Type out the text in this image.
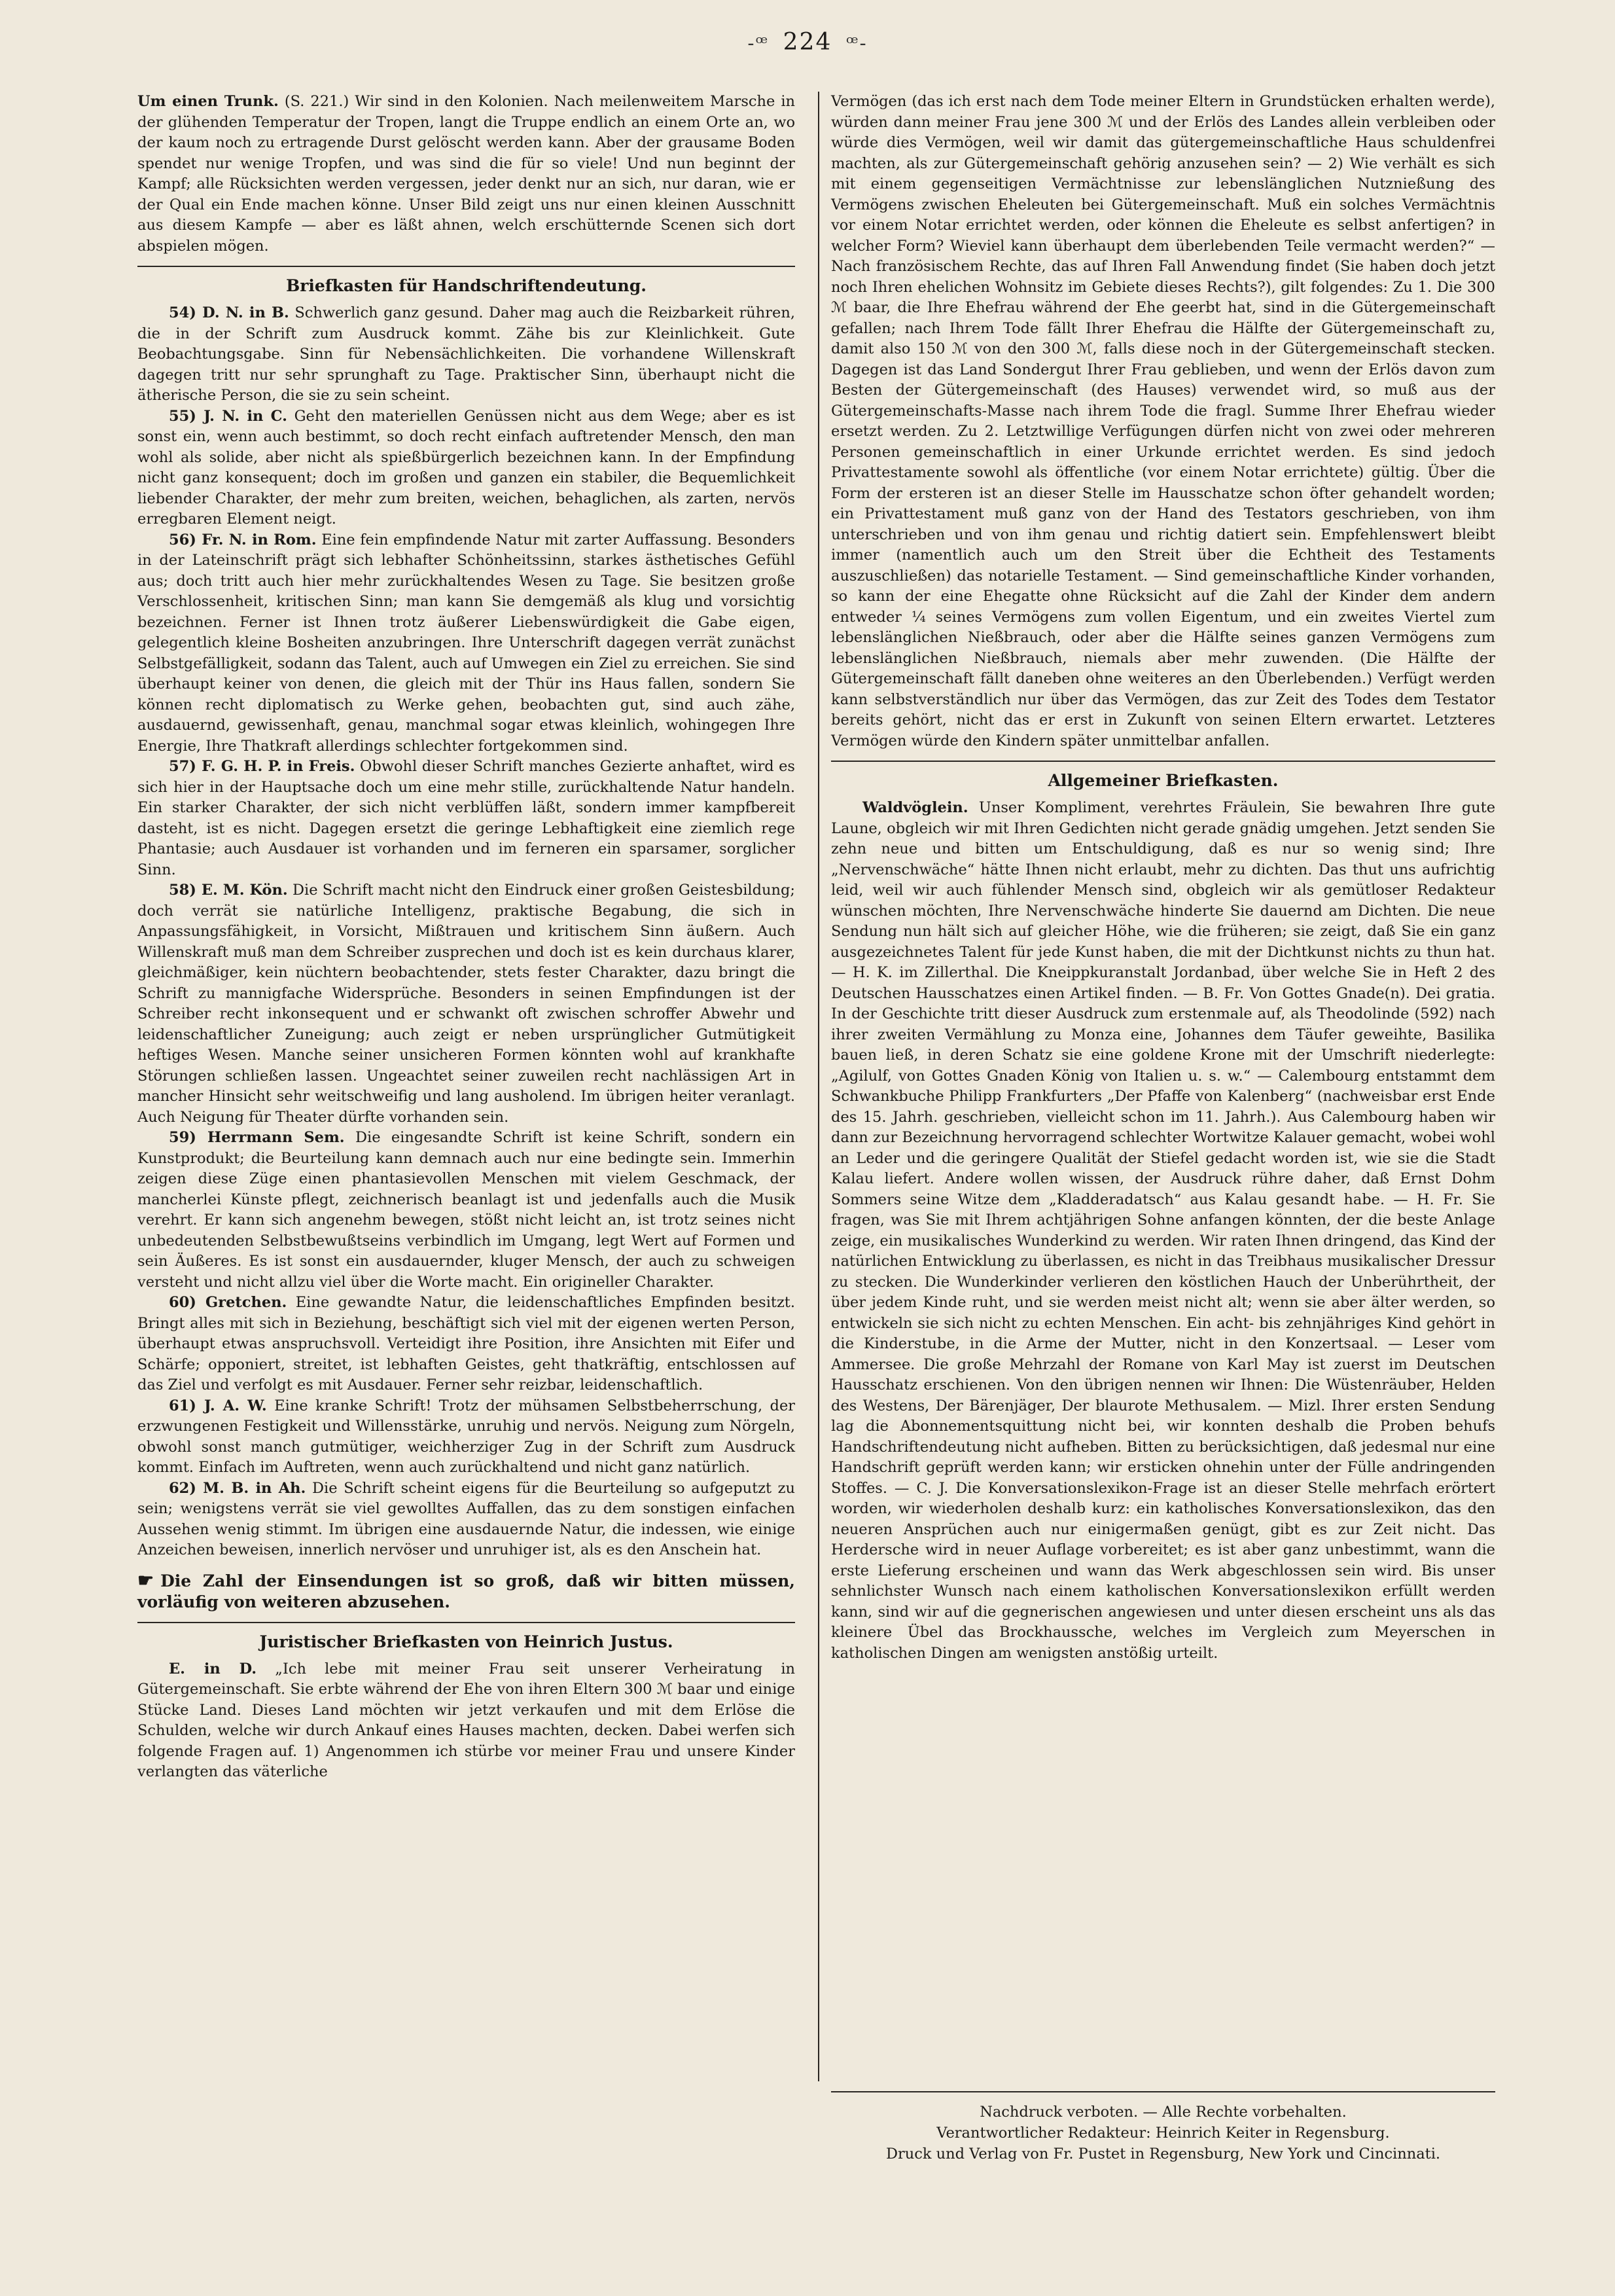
-ꟹ 224 ꟹ-

Um einen Trunk. (S. 221.) Wir sind in den Kolonien. Nach meilenweitem Marsche in der glühenden Temperatur der Tropen, langt die Truppe endlich an einem Orte an, wo der kaum noch zu ertragende Durst gelöscht werden kann. Aber der grausame Boden spendet nur wenige Tropfen, und was sind die für so viele! Und nun beginnt der Kampf; alle Rücksichten werden vergessen, jeder denkt nur an sich, nur daran, wie er der Qual ein Ende machen könne. Unser Bild zeigt uns nur einen kleinen Ausschnitt aus diesem Kampfe — aber es läßt ahnen, welch erschütternde Scenen sich dort abspielen mögen.

Briefkasten für Handschriftendeutung.

54) D. N. in B. Schwerlich ganz gesund. Daher mag auch die Reizbarkeit rühren, die in der Schrift zum Ausdruck kommt. Zähe bis zur Kleinlichkeit. Gute Beobachtungsgabe. Sinn für Nebensächlichkeiten. Die vorhandene Willenskraft dagegen tritt nur sehr sprunghaft zu Tage. Praktischer Sinn, überhaupt nicht die ätherische Person, die sie zu sein scheint.

55) J. N. in C. Geht den materiellen Genüssen nicht aus dem Wege; aber es ist sonst ein, wenn auch bestimmt, so doch recht einfach auftretender Mensch, den man wohl als solide, aber nicht als spießbürgerlich bezeichnen kann. In der Empfindung nicht ganz konsequent; doch im großen und ganzen ein stabiler, die Bequemlichkeit liebender Charakter, der mehr zum breiten, weichen, behaglichen, als zarten, nervös erregbaren Element neigt.

56) Fr. N. in Rom. Eine fein empfindende Natur mit zarter Auffassung. Besonders in der Lateinschrift prägt sich lebhafter Schönheitssinn, starkes ästhetisches Gefühl aus; doch tritt auch hier mehr zurückhaltendes Wesen zu Tage. Sie besitzen große Verschlossenheit, kritischen Sinn; man kann Sie demgemäß als klug und vorsichtig bezeichnen. Ferner ist Ihnen trotz äußerer Liebenswürdigkeit die Gabe eigen, gelegentlich kleine Bosheiten anzubringen. Ihre Unterschrift dagegen verrät zunächst Selbstgefälligkeit, sodann das Talent, auch auf Umwegen ein Ziel zu erreichen. Sie sind überhaupt keiner von denen, die gleich mit der Thür ins Haus fallen, sondern Sie können recht diplomatisch zu Werke gehen, beobachten gut, sind auch zähe, ausdauernd, gewissenhaft, genau, manchmal sogar etwas kleinlich, wohingegen Ihre Energie, Ihre Thatkraft allerdings schlechter fortgekommen sind.

57) F. G. H. P. in Freis. Obwohl dieser Schrift manches Gezierte anhaftet, wird es sich hier in der Hauptsache doch um eine mehr stille, zurückhaltende Natur handeln. Ein starker Charakter, der sich nicht verblüffen läßt, sondern immer kampfbereit dasteht, ist es nicht. Dagegen ersetzt die geringe Lebhaftigkeit eine ziemlich rege Phantasie; auch Ausdauer ist vorhanden und im ferneren ein sparsamer, sorglicher Sinn.

58) E. M. Kön. Die Schrift macht nicht den Eindruck einer großen Geistesbildung; doch verrät sie natürliche Intelligenz, praktische Begabung, die sich in Anpassungsfähigkeit, in Vorsicht, Mißtrauen und kritischem Sinn äußern. Auch Willenskraft muß man dem Schreiber zusprechen und doch ist es kein durchaus klarer, gleichmäßiger, kein nüchtern beobachtender, stets fester Charakter, dazu bringt die Schrift zu mannigfache Widersprüche. Besonders in seinen Empfindungen ist der Schreiber recht inkonsequent und er schwankt oft zwischen schroffer Abwehr und leidenschaftlicher Zuneigung; auch zeigt er neben ursprünglicher Gutmütigkeit heftiges Wesen. Manche seiner unsicheren Formen könnten wohl auf krankhafte Störungen schließen lassen. Ungeachtet seiner zuweilen recht nachlässigen Art in mancher Hinsicht sehr weitschweifig und lang ausholend. Im übrigen heiter veranlagt. Auch Neigung für Theater dürfte vorhanden sein.

59) Herrmann Sem. Die eingesandte Schrift ist keine Schrift, sondern ein Kunstprodukt; die Beurteilung kann demnach auch nur eine bedingte sein. Immerhin zeigen diese Züge einen phantasievollen Menschen mit vielem Geschmack, der mancherlei Künste pflegt, zeichnerisch beanlagt ist und jedenfalls auch die Musik verehrt. Er kann sich angenehm bewegen, stößt nicht leicht an, ist trotz seines nicht unbedeutenden Selbstbewußtseins verbindlich im Umgang, legt Wert auf Formen und sein Äußeres. Es ist sonst ein ausdauernder, kluger Mensch, der auch zu schweigen versteht und nicht allzu viel über die Worte macht. Ein origineller Charakter.

60) Gretchen. Eine gewandte Natur, die leidenschaftliches Empfinden besitzt. Bringt alles mit sich in Beziehung, beschäftigt sich viel mit der eigenen werten Person, überhaupt etwas anspruchsvoll. Verteidigt ihre Position, ihre Ansichten mit Eifer und Schärfe; opponiert, streitet, ist lebhaften Geistes, geht thatkräftig, entschlossen auf das Ziel und verfolgt es mit Ausdauer. Ferner sehr reizbar, leidenschaftlich.

61) J. A. W. Eine kranke Schrift! Trotz der mühsamen Selbstbeherrschung, der erzwungenen Festigkeit und Willensstärke, unruhig und nervös. Neigung zum Nörgeln, obwohl sonst manch gutmütiger, weichherziger Zug in der Schrift zum Ausdruck kommt. Einfach im Auftreten, wenn auch zurückhaltend und nicht ganz natürlich.

62) M. B. in Ah. Die Schrift scheint eigens für die Beurteilung so aufgeputzt zu sein; wenigstens verrät sie viel gewolltes Auffallen, das zu dem sonstigen einfachen Aussehen wenig stimmt. Im übrigen eine ausdauernde Natur, die indessen, wie einige Anzeichen beweisen, innerlich nervöser und unruhiger ist, als es den Anschein hat.

☛ Die Zahl der Einsendungen ist so groß, daß wir bitten müssen, vorläufig von weiteren abzusehen.
Juristischer Briefkasten von Heinrich Justus.

E. in D. „Ich lebe mit meiner Frau seit unserer Verheiratung in Gütergemeinschaft. Sie erbte während der Ehe von ihren Eltern 300 ℳ baar und einige Stücke Land. Dieses Land möchten wir jetzt verkaufen und mit dem Erlöse die Schulden, welche wir durch Ankauf eines Hauses machten, decken. Dabei werfen sich folgende Fragen auf. 1) Angenommen ich stürbe vor meiner Frau und unsere Kinder verlangten das väterliche

Vermögen (das ich erst nach dem Tode meiner Eltern in Grundstücken erhalten werde), würden dann meiner Frau jene 300 ℳ und der Erlös des Landes allein verbleiben oder würde dies Vermögen, weil wir damit das gütergemeinschaftliche Haus schuldenfrei machten, als zur Gütergemeinschaft gehörig anzusehen sein? — 2) Wie verhält es sich mit einem gegenseitigen Vermächtnisse zur lebenslänglichen Nutznießung des Vermögens zwischen Eheleuten bei Gütergemeinschaft. Muß ein solches Vermächtnis vor einem Notar errichtet werden, oder können die Eheleute es selbst anfertigen? in welcher Form? Wieviel kann überhaupt dem überlebenden Teile vermacht werden?“ — Nach französischem Rechte, das auf Ihren Fall Anwendung findet (Sie haben doch jetzt noch Ihren ehelichen Wohnsitz im Gebiete dieses Rechts?), gilt folgendes: Zu 1. Die 300 ℳ baar, die Ihre Ehefrau während der Ehe geerbt hat, sind in die Gütergemeinschaft gefallen; nach Ihrem Tode fällt Ihrer Ehefrau die Hälfte der Gütergemeinschaft zu, damit also 150 ℳ von den 300 ℳ, falls diese noch in der Gütergemeinschaft stecken. Dagegen ist das Land Sondergut Ihrer Frau geblieben, und wenn der Erlös davon zum Besten der Gütergemeinschaft (des Hauses) verwendet wird, so muß aus der Gütergemeinschafts-Masse nach ihrem Tode die fragl. Summe Ihrer Ehefrau wieder ersetzt werden. Zu 2. Letztwillige Verfügungen dürfen nicht von zwei oder mehreren Personen gemeinschaftlich in einer Urkunde errichtet werden. Es sind jedoch Privattestamente sowohl als öffentliche (vor einem Notar errichtete) gültig. Über die Form der ersteren ist an dieser Stelle im Hausschatze schon öfter gehandelt worden; ein Privattestament muß ganz von der Hand des Testators geschrieben, von ihm unterschrieben und von ihm genau und richtig datiert sein. Empfehlenswert bleibt immer (namentlich auch um den Streit über die Echtheit des Testaments auszuschließen) das notarielle Testament. — Sind gemeinschaftliche Kinder vorhanden, so kann der eine Ehegatte ohne Rücksicht auf die Zahl der Kinder dem andern entweder ¼ seines Vermögens zum vollen Eigentum, und ein zweites Viertel zum lebenslänglichen Nießbrauch, oder aber die Hälfte seines ganzen Vermögens zum lebenslänglichen Nießbrauch, niemals aber mehr zuwenden. (Die Hälfte der Gütergemeinschaft fällt daneben ohne weiteres an den Überlebenden.) Verfügt werden kann selbstverständlich nur über das Vermögen, das zur Zeit des Todes dem Testator bereits gehört, nicht das er erst in Zukunft von seinen Eltern erwartet. Letzteres Vermögen würde den Kindern später unmittelbar anfallen.

Allgemeiner Briefkasten.

Waldvöglein. Unser Kompliment, verehrtes Fräulein, Sie bewahren Ihre gute Laune, obgleich wir mit Ihren Gedichten nicht gerade gnädig umgehen. Jetzt senden Sie zehn neue und bitten um Entschuldigung, daß es nur so wenig sind; Ihre „Nervenschwäche“ hätte Ihnen nicht erlaubt, mehr zu dichten. Das thut uns aufrichtig leid, weil wir auch fühlender Mensch sind, obgleich wir als gemütloser Redakteur wünschen möchten, Ihre Nervenschwäche hinderte Sie dauernd am Dichten. Die neue Sendung nun hält sich auf gleicher Höhe, wie die früheren; sie zeigt, daß Sie ein ganz ausgezeichnetes Talent für jede Kunst haben, die mit der Dichtkunst nichts zu thun hat. — H. K. im Zillerthal. Die Kneippkuranstalt Jordanbad, über welche Sie in Heft 2 des Deutschen Hausschatzes einen Artikel finden. — B. Fr. Von Gottes Gnade(n). Dei gratia. In der Geschichte tritt dieser Ausdruck zum erstenmale auf, als Theodolinde (592) nach ihrer zweiten Vermählung zu Monza eine, Johannes dem Täufer geweihte, Basilika bauen ließ, in deren Schatz sie eine goldene Krone mit der Umschrift niederlegte: „Agilulf, von Gottes Gnaden König von Italien u. s. w.“ — Calembourg entstammt dem Schwankbuche Philipp Frankfurters „Der Pfaffe von Kalenberg“ (nachweisbar erst Ende des 15. Jahrh. geschrieben, vielleicht schon im 11. Jahrh.). Aus Calembourg haben wir dann zur Bezeichnung hervorragend schlechter Wortwitze Kalauer gemacht, wobei wohl an Leder und die geringere Qualität der Stiefel gedacht worden ist, wie sie die Stadt Kalau liefert. Andere wollen wissen, der Ausdruck rühre daher, daß Ernst Dohm Sommers seine Witze dem „Kladderadatsch“ aus Kalau gesandt habe. — H. Fr. Sie fragen, was Sie mit Ihrem achtjährigen Sohne anfangen könnten, der die beste Anlage zeige, ein musikalisches Wunderkind zu werden. Wir raten Ihnen dringend, das Kind der natürlichen Entwicklung zu überlassen, es nicht in das Treibhaus musikalischer Dressur zu stecken. Die Wunderkinder verlieren den köstlichen Hauch der Unberührtheit, der über jedem Kinde ruht, und sie werden meist nicht alt; wenn sie aber älter werden, so entwickeln sie sich nicht zu echten Menschen. Ein acht- bis zehnjähriges Kind gehört in die Kinderstube, in die Arme der Mutter, nicht in den Konzertsaal. — Leser vom Ammersee. Die große Mehrzahl der Romane von Karl May ist zuerst im Deutschen Hausschatz erschienen. Von den übrigen nennen wir Ihnen: Die Wüstenräuber, Helden des Westens, Der Bärenjäger, Der blaurote Methusalem. — Mizl. Ihrer ersten Sendung lag die Abonnementsquittung nicht bei, wir konnten deshalb die Proben behufs Handschriftendeutung nicht aufheben. Bitten zu berücksichtigen, daß jedesmal nur eine Handschrift geprüft werden kann; wir ersticken ohnehin unter der Fülle andringenden Stoffes. — C. J. Die Konversationslexikon-Frage ist an dieser Stelle mehrfach erörtert worden, wir wiederholen deshalb kurz: ein katholisches Konversationslexikon, das den neueren Ansprüchen auch nur einigermaßen genügt, gibt es zur Zeit nicht. Das Herdersche wird in neuer Auflage vorbereitet; es ist aber ganz unbestimmt, wann die erste Lieferung erscheinen und wann das Werk abgeschlossen sein wird. Bis unser sehnlichster Wunsch nach einem katholischen Konversationslexikon erfüllt werden kann, sind wir auf die gegnerischen angewiesen und unter diesen erscheint uns als das kleinere Übel das Brockhaussche, welches im Vergleich zum Meyerschen in katholischen Dingen am wenigsten anstößig urteilt.

Nachdruck verboten. — Alle Rechte vorbehalten.
Verantwortlicher Redakteur: Heinrich Keiter in Regensburg.
Druck und Verlag von Fr. Pustet in Regensburg, New York und Cincinnati.
